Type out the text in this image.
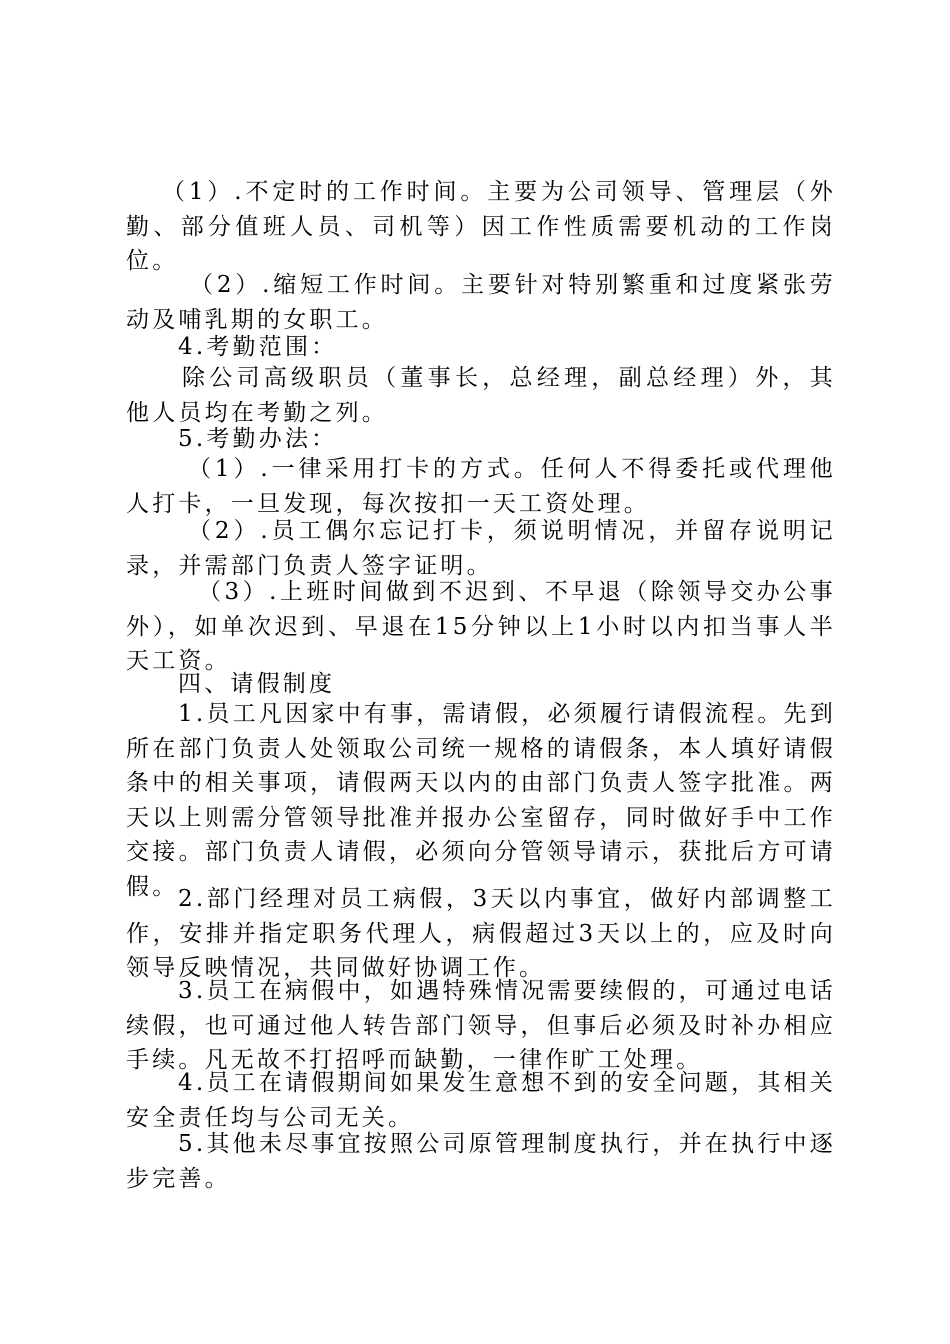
（1）.不定时的工作时间。主要为公司领导、管理层（外勤、部分值班人员、司机等）因工作性质需要机动的工作岗位。

（2）.缩短工作时间。主要针对特别繁重和过度紧张劳动及哺乳期的女职工。

4.考勤范围：

除公司高级职员（董事长，总经理，副总经理）外，其他人员均在考勤之列。

5.考勤办法：

（1）.一律采用打卡的方式。任何人不得委托或代理他人打卡，一旦发现，每次按扣一天工资处理。

（2）.员工偶尔忘记打卡，须说明情况，并留存说明记录，并需部门负责人签字证明。

（3）.上班时间做到不迟到、不早退（除领导交办公事外），如单次迟到、早退在15分钟以上1小时以内扣当事人半天工资。

四、请假制度

1.员工凡因家中有事，需请假，必须履行请假流程。先到所在部门负责人处领取公司统一规格的请假条，本人填好请假条中的相关事项，请假两天以内的由部门负责人签字批准。两天以上则需分管领导批准并报办公室留存，同时做好手中工作交接。部门负责人请假，必须向分管领导请示，获批后方可请假。 2.部门经理对员工病假，3天以内事宜，做好内部调整工作，安排并指定职务代理人，病假超过3天以上的，应及时向领导反映情况，共同做好协调工作。

3.员工在病假中，如遇特殊情况需要续假的，可通过电话续假，也可通过他人转告部门领导，但事后必须及时补办相应手续。凡无故不打招呼而缺勤，一律作旷工处理。

4.员工在请假期间如果发生意想不到的安全问题，其相关安全责任均与公司无关。

5.其他未尽事宜按照公司原管理制度执行，并在执行中逐步完善。
